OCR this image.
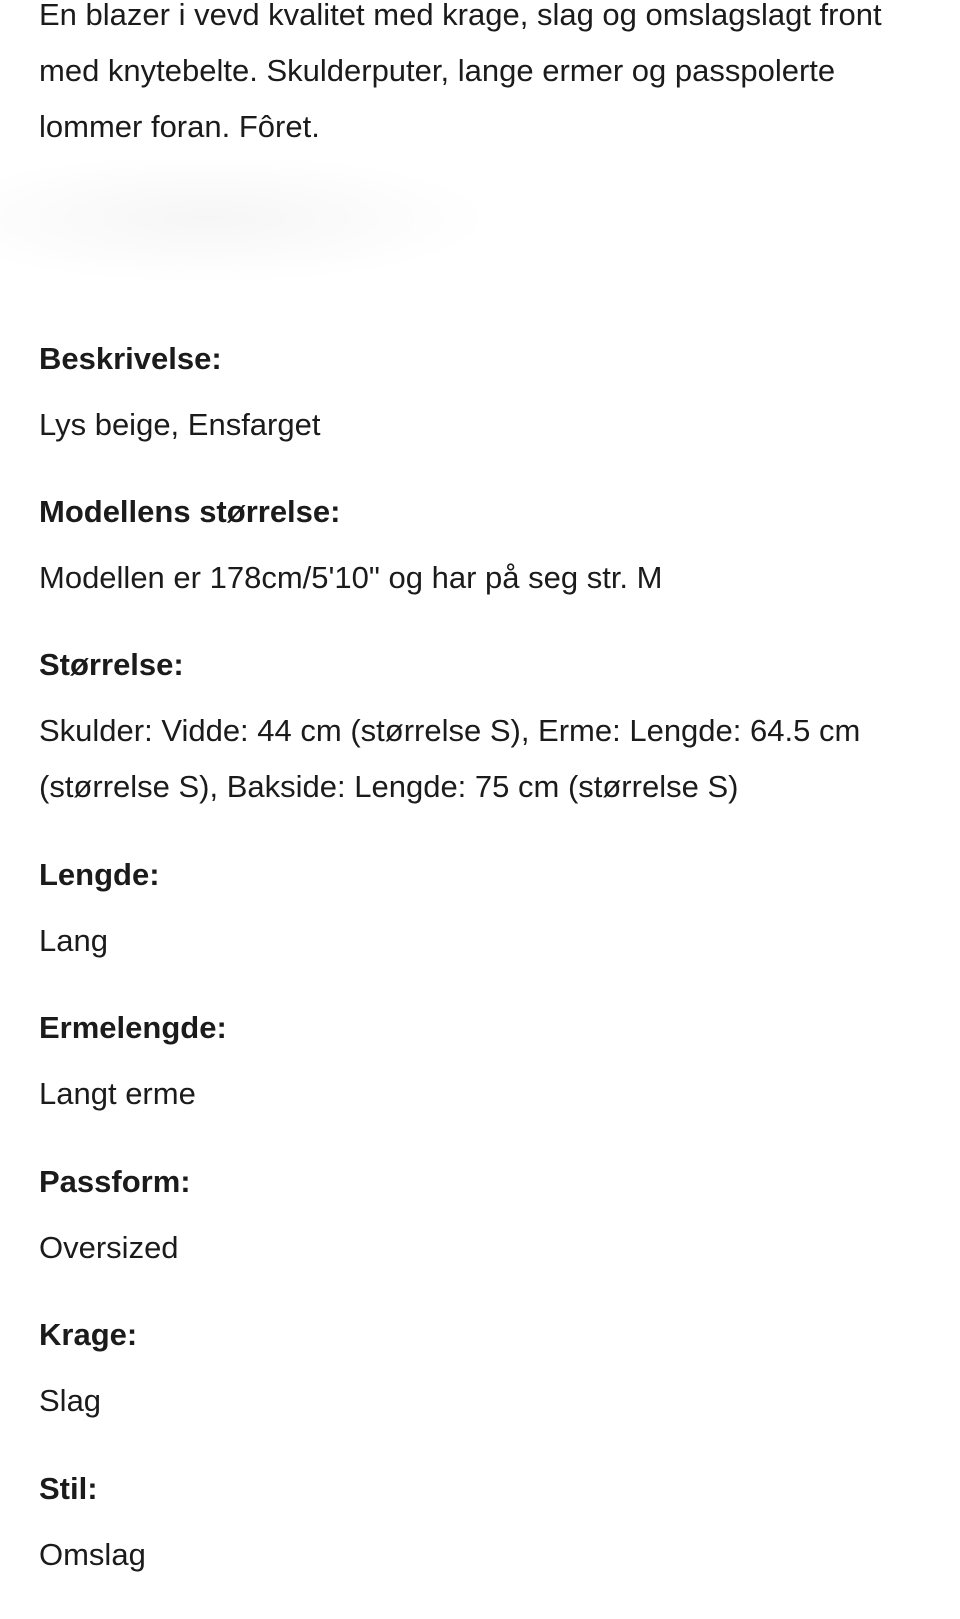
En blazer i vevd kvalitet med krage, slag og omslagslagt front med knytebelte. Skulderputer, lange ermer og passpolerte lommer foran. Fôret.

Beskrivelse:
Lys beige, Ensfarget
Modellens størrelse:
Modellen er 178cm/5'10" og har på seg str. M
Størrelse:
Skulder: Vidde: 44 cm (størrelse S), Erme: Lengde: 64.5 cm (størrelse S), Bakside: Lengde: 75 cm (størrelse S)
Lengde:
Lang
Ermelengde:
Langt erme
Passform:
Oversized
Krage:
Slag
Stil:
Omslag
